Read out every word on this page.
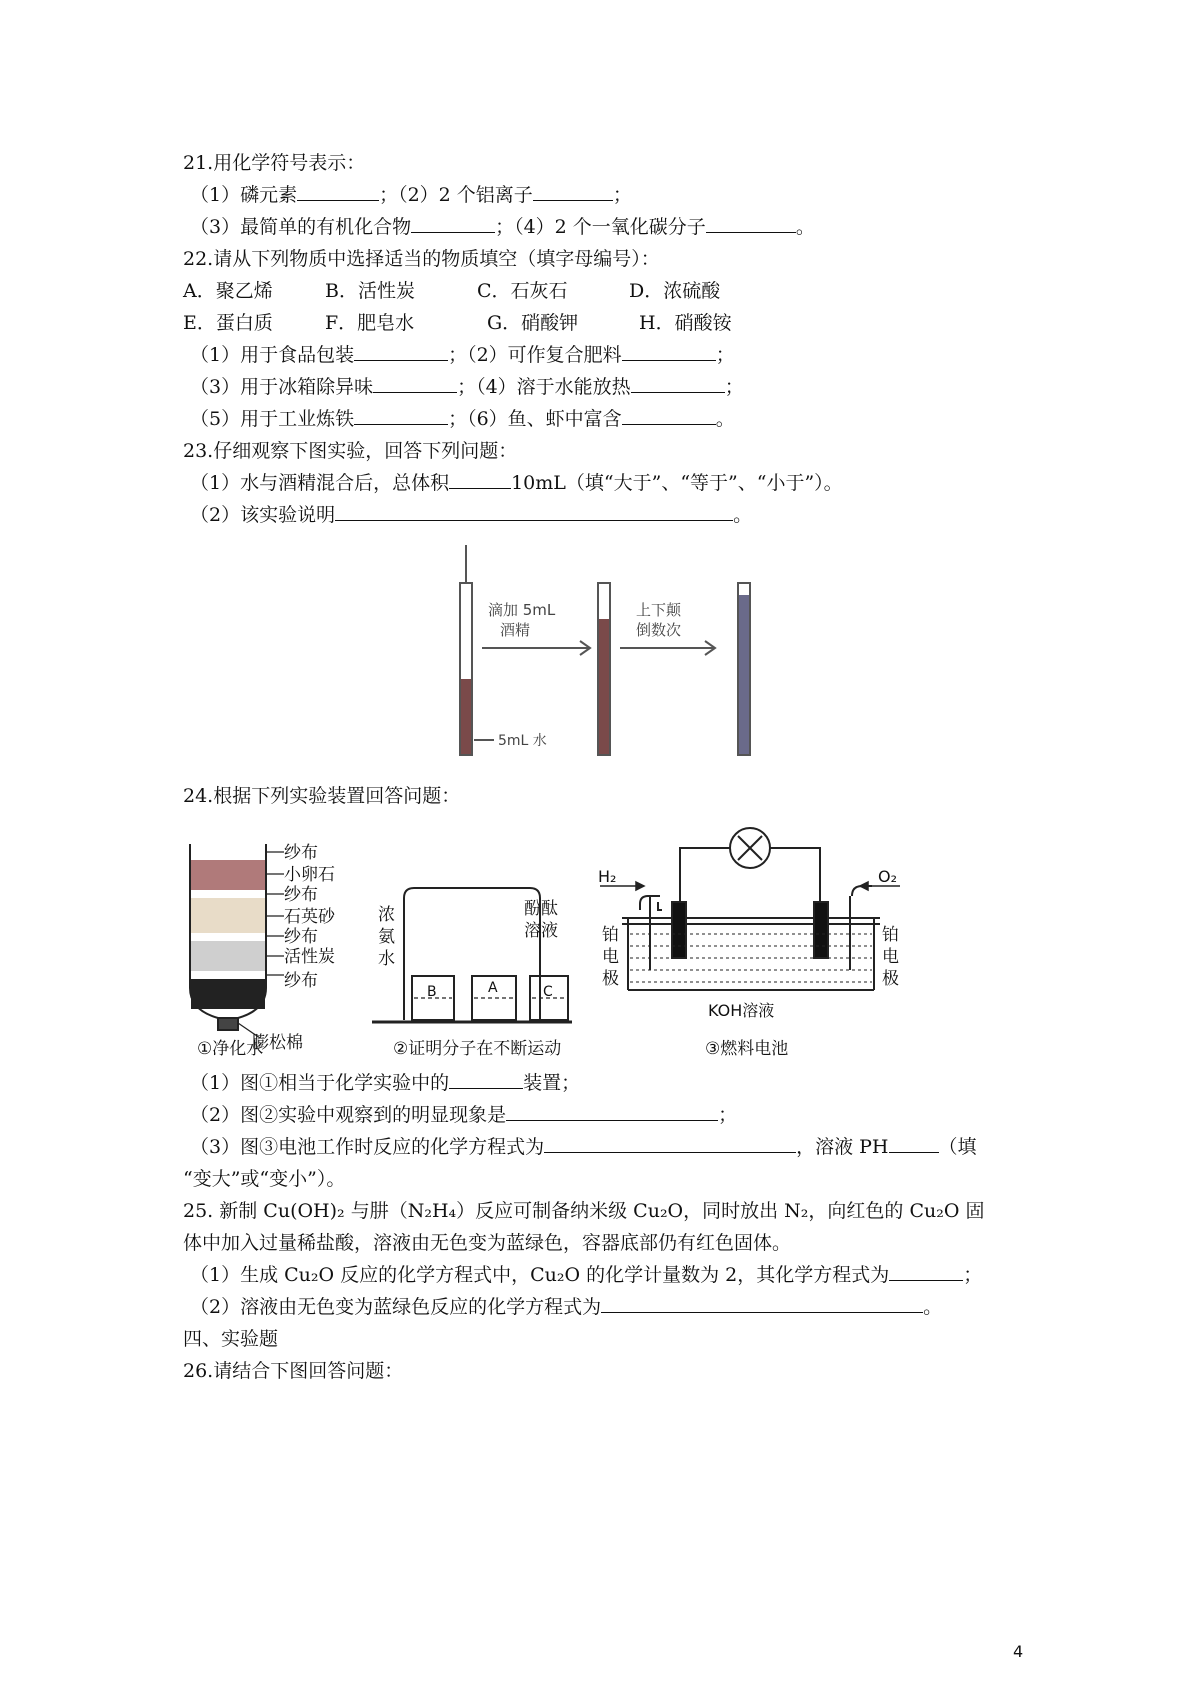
21.用化学符号表示：
（1）磷元素	；（2）2 个铝离子	；
（3）最简单的有机化合物	；（4）2 个一氧化碳分子	。
22.请从下列物质中选择适当的物质填空（填字母编号）：
A．聚乙烯	B．活性炭	C．石灰石	D．浓硫酸
E．蛋白质	F．肥皂水	G．硝酸钾	H．硝酸铵
（1）用于食品包装	；（2）可作复合肥料	；
（3）用于冰箱除异味	；（4）溶于水能放热	；
（5）用于工业炼铁	；（6）鱼、虾中富含	。
23.仔细观察下图实验，回答下列问题：
（1）水与酒精混合后，总体积	10mL（填“大于”、“等于”、“小于”）。
（2）该实验说明	。
滴加 5mL
酒精
上下颠
倒数次
5mL 水
24.根据下列实验装置回答问题：
纱布
小卵石
纱布
石英砂
纱布
活性炭
纱布
膨松棉
①净化水
浓
氨
水
酚酞
溶液
B	A	C
②证明分子在不断运动
H₂	O₂
铂
电
极
铂
电
极
KOH溶液
③燃料电池
（1）图①相当于化学实验中的	装置；
（2）图②实验中观察到的明显现象是	；
（3）图③电池工作时反应的化学方程式为	，溶液 PH	（填
“变大”或“变小”）。
25. 新制 Cu(OH)₂ 与肼（N₂H₄）反应可制备纳米级 Cu₂O，同时放出 N₂，向红色的 Cu₂O 固
体中加入过量稀盐酸，溶液由无色变为蓝绿色，容器底部仍有红色固体。
（1）生成 Cu₂O 反应的化学方程式中，Cu₂O 的化学计量数为 2，其化学方程式为	；
（2）溶液由无色变为蓝绿色反应的化学方程式为	。
四、实验题
26.请结合下图回答问题：
4
